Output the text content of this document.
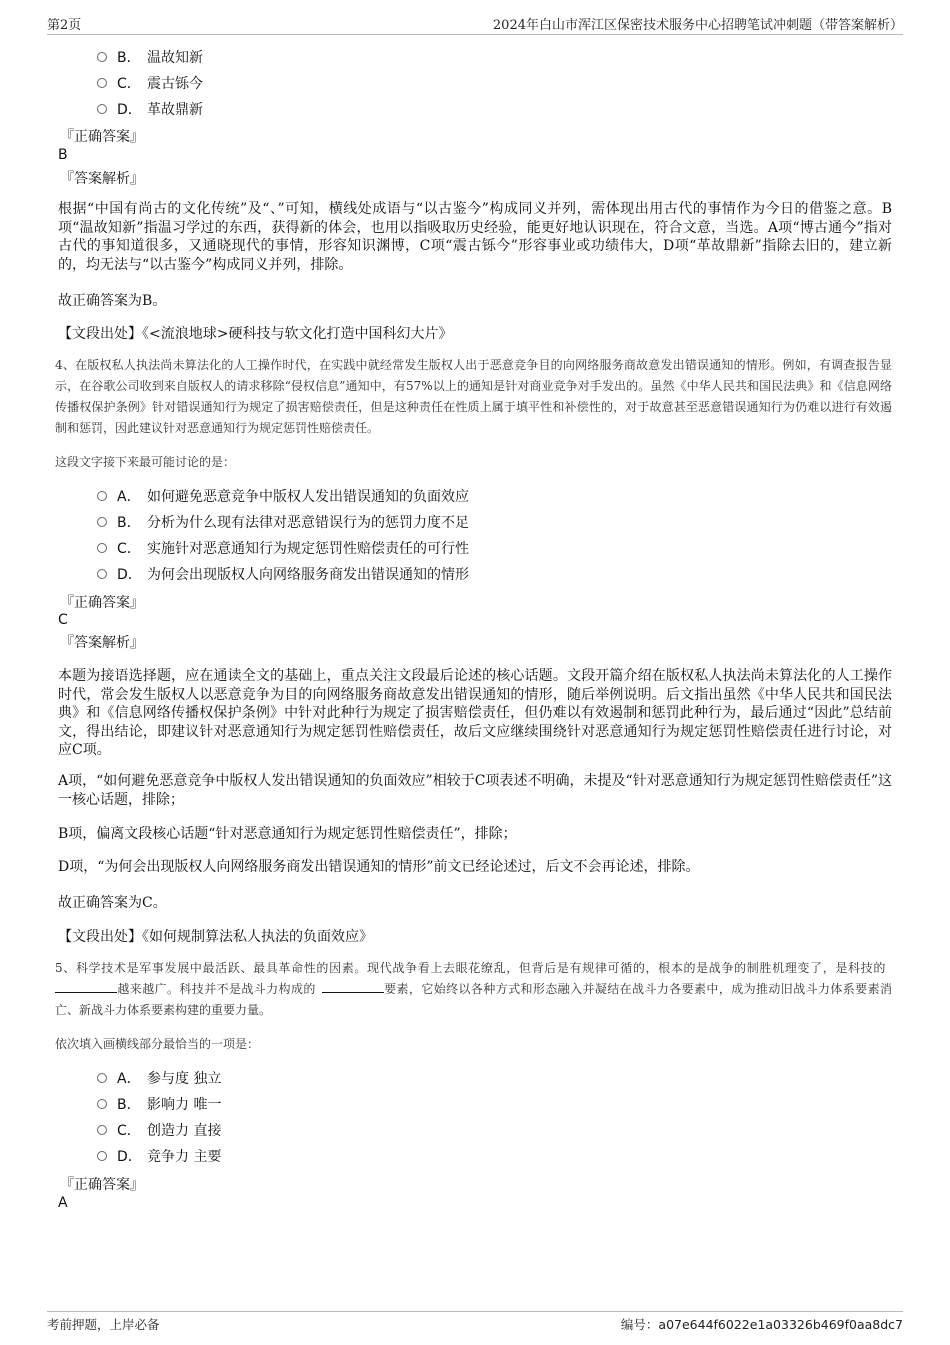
第2页	2024年白山市浑江区保密技术服务中心招聘笔试冲刺题（带答案解析）
B． 温故知新
C． 震古铄今
D． 革故鼎新
『正确答案』
B
『答案解析』
根据“中国有尚古的文化传统”及“、”可知，横线处成语与“以古鉴今”构成同义并列，需体现出用古代的事情作为今日的借鉴之意。B项“温故知新”指温习学过的东西，获得新的体会，也用以指吸取历史经验，能更好地认识现在，符合文意，当选。A项“博古通今”指对古代的事知道很多，又通晓现代的事情，形容知识渊博，C项“震古铄今”形容事业或功绩伟大，D项“革故鼎新”指除去旧的，建立新的，均无法与“以古鉴今”构成同义并列，排除。
故正确答案为B。
【文段出处】《<流浪地球>硬科技与软文化打造中国科幻大片》
4、在版权私人执法尚未算法化的人工操作时代，在实践中就经常发生版权人出于恶意竞争目的向网络服务商故意发出错误通知的情形。例如，有调查报告显示，在谷歌公司收到来自版权人的请求移除“侵权信息”通知中，有57%以上的通知是针对商业竞争对手发出的。虽然《中华人民共和国民法典》和《信息网络传播权保护条例》针对错误通知行为规定了损害赔偿责任，但是这种责任在性质上属于填平性和补偿性的，对于故意甚至恶意错误通知行为仍难以进行有效遏制和惩罚，因此建议针对恶意通知行为规定惩罚性赔偿责任。
这段文字接下来最可能讨论的是：
A． 如何避免恶意竞争中版权人发出错误通知的负面效应
B． 分析为什么现有法律对恶意错误行为的惩罚力度不足
C． 实施针对恶意通知行为规定惩罚性赔偿责任的可行性
D． 为何会出现版权人向网络服务商发出错误通知的情形
『正确答案』
C
『答案解析』
本题为接语选择题，应在通读全文的基础上，重点关注文段最后论述的核心话题。文段开篇介绍在版权私人执法尚未算法化的人工操作时代，常会发生版权人以恶意竞争为目的向网络服务商故意发出错误通知的情形，随后举例说明。后文指出虽然《中华人民共和国民法典》和《信息网络传播权保护条例》中针对此种行为规定了损害赔偿责任，但仍难以有效遏制和惩罚此种行为，最后通过“因此”总结前文，得出结论，即建议针对恶意通知行为规定惩罚性赔偿责任，故后文应继续围绕针对恶意通知行为规定惩罚性赔偿责任进行讨论，对应C项。
A项，“如何避免恶意竞争中版权人发出错误通知的负面效应”相较于C项表述不明确，未提及“针对恶意通知行为规定惩罚性赔偿责任”这一核心话题，排除；
B项，偏离文段核心话题“针对恶意通知行为规定惩罚性赔偿责任”，排除；
D项，“为何会出现版权人向网络服务商发出错误通知的情形”前文已经论述过，后文不会再论述，排除。
故正确答案为C。
【文段出处】《如何规制算法私人执法的负面效应》
5、科学技术是军事发展中最活跃、最具革命性的因素。现代战争看上去眼花缭乱，但背后是有规律可循的，根本的是战争的制胜机理变了，是科技的 越来越广。科技并不是战斗力构成的 	要素，它始终以各种方式和形态融入并凝结在战斗力各要素中，成为推动旧战斗力体系要素消亡、新战斗力体系要素构建的重要力量。
依次填入画横线部分最恰当的一项是：
A． 参与度 独立
B． 影响力 唯一
C． 创造力 直接
D． 竞争力 主要
『正确答案』
A
考前押题，上岸必备	编号：a07e644f6022e1a03326b469f0aa8dc7
